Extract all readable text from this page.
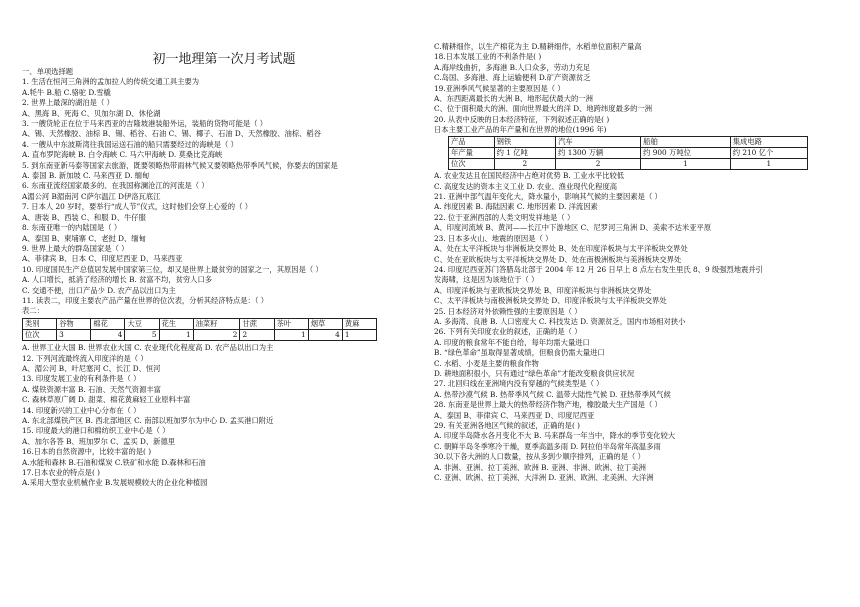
初一地理第一次月考试题
一、单项选择题
1. 生活在恒河三角洲的孟加拉人的传统交通工具主要为
A.牦牛 B.船 C.骆驼 D.雪橇
2. 世界上最深的湖泊是（ ）
A、黑海 B、死海 C、贝加尔湖 D、休伦湖
3. 一艘货轮正在位于马来西亚的吉隆坡港装船外运，装船的货物可能是（ ）
A、锡、天然橡胶、油棕 B、锡、稻谷、石油 C、锡、椰子、石油 D、天然橡胶、油棕、稻谷
4. 一艘从中东波斯湾往我国运送石油的船只需要经过的海峡是（ ）
A. 直布罗陀海峡 B. 白令海峡 C. 马六甲海峡 D. 莫桑比克海峡
5. 到东南亚新马泰等国家去旅游，既要领略热带雨林气候又要领略热带季风气候，你要去的国家是
A. 泰国 B. 新加坡 C. 马来西亚 D. 缅甸
6. 东南亚流经国家最多的、在我国称澜沧江的河流是（ ）
A湄公河 B湄南河 C萨尔温江 D伊洛瓦底江
7. 日本人 20 岁时，要举行“成人节”仪式，这时他们会穿上心爱的（ ）
A、唐装 B、西装 C、和服 D、牛仔服
8. 东南亚唯一的内陆国是（ ）
A、泰国 B、柬埔寨 C、老挝 D、缅甸
9. 世界上最大的群岛国家是（ ）
A、菲律宾 B、日本 C、印度尼西亚 D、马来西亚
10. 印度国民生产总值居发展中国家第三位，却又是世界上最贫穷的国家之一，其原因是（ ）
A. 人口增长，抵消了经济的增长 B. 贫富不均，贫穷人口多
C. 交通不便，出口产品少 D. 农产品以出口为主
11. 读表二，印度主要农产品产量在世界的位次表，分析其经济特点是：（ ）
表二：
类别	谷物	棉花	大豆	花生	油菜籽	甘蔗	茶叶	烟草	黄麻
位次	3	4	5	1	2	2	1	4	1
A. 世界工业大国 B. 世界农业大国 C. 农业现代化程度高 D. 农产品以出口为主
12. 下列河流最终流入印度洋的是（ ）
A、湄公河 B、叶尼塞河 C、长江 D、恒河
13. 印度发展工业的有利条件是（ ）
A. 煤铁资源丰富 B. 石油、天然气资源丰富
C. 森林草原广阔 D. 甜菜、棉花黄麻轻工业原料丰富
14. 印度新兴的工业中心分布在（ ）
A. 东北部煤铁产区 B. 西北部地区 C. 南部以班加罗尔为中心 D. 孟买港口附近
15. 印度最大的港口和棉纺织工业中心是（ ）
A、加尔各答 B、班加罗尔 C、孟买 D、新德里
16.日本的自然资源中，比较丰富的是( )
A.水能和森林 B.石油和煤炭 C.铁矿和水能 D.森林和石油
17.日本农业的特点是( )
A.采用大型农业机械作业 B.发展规模较大的企业化种植园
C.精耕细作，以生产棉花为主 D.精耕细作，水稻单位面积产量高
18.日本发展工业的不利条件是( )
A.海岸线曲折，多海港 B.人口众多，劳动力充足
C.岛国、多海港、海上运输便利 D.矿产资源贫乏
19.亚洲季风气候显著的主要原因是（ ）
A、东西距离最长的大洲 B、地形起伏最大的一洲
C、位于面积最大的洲、面向世界最大的洋 D、地跨纬度最多的一洲
20. 从表中反映的日本经济特征，下列叙述正确的是( )
日本主要工业产品的年产量和在世界的地位(1996 年)
产品	钢铁	汽车	船舶	集成电路
年产量	约 1 亿吨	约 1300 万辆	约 900 万吨位	约 210 亿个
位次	2	2	1	1
A. 农业发达且在国民经济中占绝对优势 B. 工业水平比较低
C. 高度发达的资本主义工业 D. 农业、渔业现代化程度高
21. 亚洲中部气温年变化大，降水量小，影响其气候的主要因素是（ ）
A. 纬度因素 B. 海陆因素 C. 地形因素 D. 洋流因素
22. 位于亚洲西部的人类文明发祥地是（ ）
A、印度河流域 B、黄河——长江中下游地区 C、尼罗河三角洲 D、美索不达米亚平原
23. 日本多火山、地震的原因是（ ）
A、处在太平洋板块与非洲板块交界处 B、处在印度洋板块与太平洋板块交界处
C、处在亚欧板块与太平洋板块交界处 D、处在南极洲板块与美洲板块交界处
24. 印度尼西亚苏门答腊岛北部于 2004 年 12 月 26 日早上 8 点左右发生里氏 8、9 级强烈地震并引
发海啸，这是因为该地位于（ ）
A、印度洋板块与亚欧板块交界处 B、印度洋板块与非洲板块交界处
C、太平洋板块与南极洲板块交界处 D、印度洋板块与太平洋板块交界处
25. 日本经济对外依赖性强的主要原因是（ ）
A. 多海湾、良港 B. 人口密度大 C. 科技发达 D. 资源贫乏，国内市场相对狭小
26. 下列有关印度农业的叙述，正确的是（ ）
A. 印度的粮食常年不能自给，每年均需大量进口
B. “绿色革命”虽取得显著成绩，但粮食仍需大量进口
C. 水稻、小麦是主要的粮食作物
D. 耕地面积很小，只有通过“绿色革命”才能改变粮食供应状况
27. 北回归线在亚洲境内没有穿越的气候类型是（ ）
A. 热带沙漠气候 B. 热带季风气候 C. 温带大陆性气候 D. 亚热带季风气候
28. 东南亚是世界上最大的热带经济作物产地，橡胶最大生产国是（ ）
A、泰国 B、菲律宾 C、马来西亚 D、印度尼西亚
29. 有关亚洲各地区气候的叙述，正确的是( )
A. 印度半岛降水各月变化不大 B. 马来群岛一年当中，降水的季节变化较大
C. 朝鲜半岛冬季寒冷干燥，夏季高温多雨 D. 阿拉伯半岛常年高温多雨
30.以下各大洲的人口数量，按从多到少顺序排列，正确的是（ ）
A. 非洲、亚洲、拉丁美洲、欧洲 B. 亚洲、非洲、欧洲、拉丁美洲
C. 亚洲、欧洲、拉丁美洲、大洋洲 D. 亚洲、欧洲、北美洲、大洋洲
